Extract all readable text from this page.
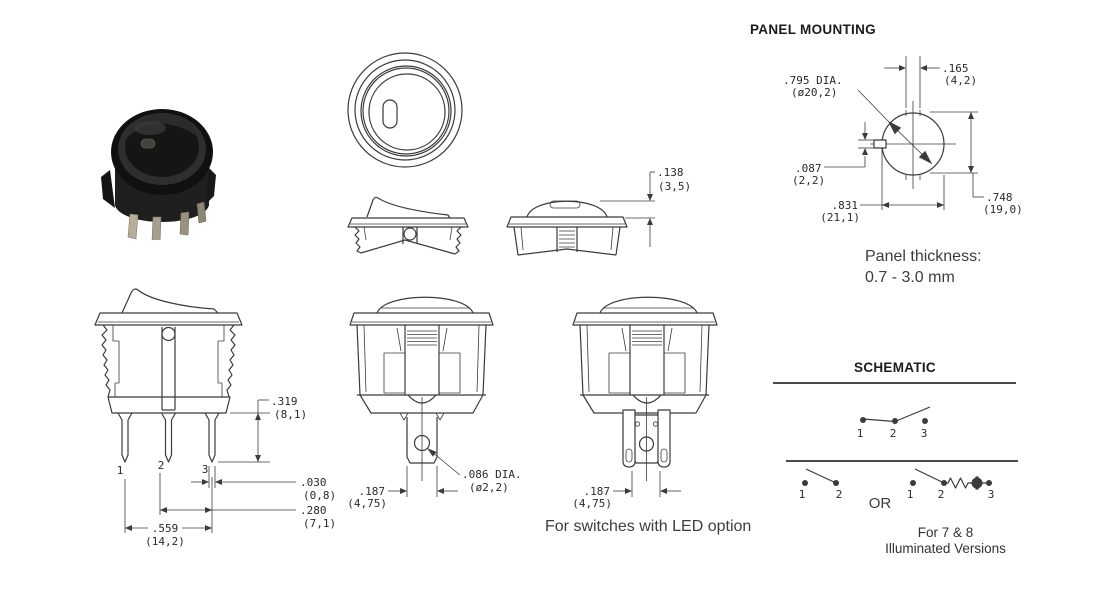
.138
(3,5)
PANEL MOUNTING
.795 DIA.
(ø20,2)
.165
(4,2)
.087
(2,2)
.748
(19,0)
.831
(21,1)
Panel thickness:
0.7 - 3.0 mm
1	2	3
.319
(8,1)
.030
(0,8)
.280
(7,1)
.559
(14,2)
.187
(4,75)
.086 DIA.
(ø2,2)	.187
(4,75)
For switches with LED option
SCHEMATIC
1 2 3
1	2	1 2	3
OR
For 7 & 8
Illuminated Versions
